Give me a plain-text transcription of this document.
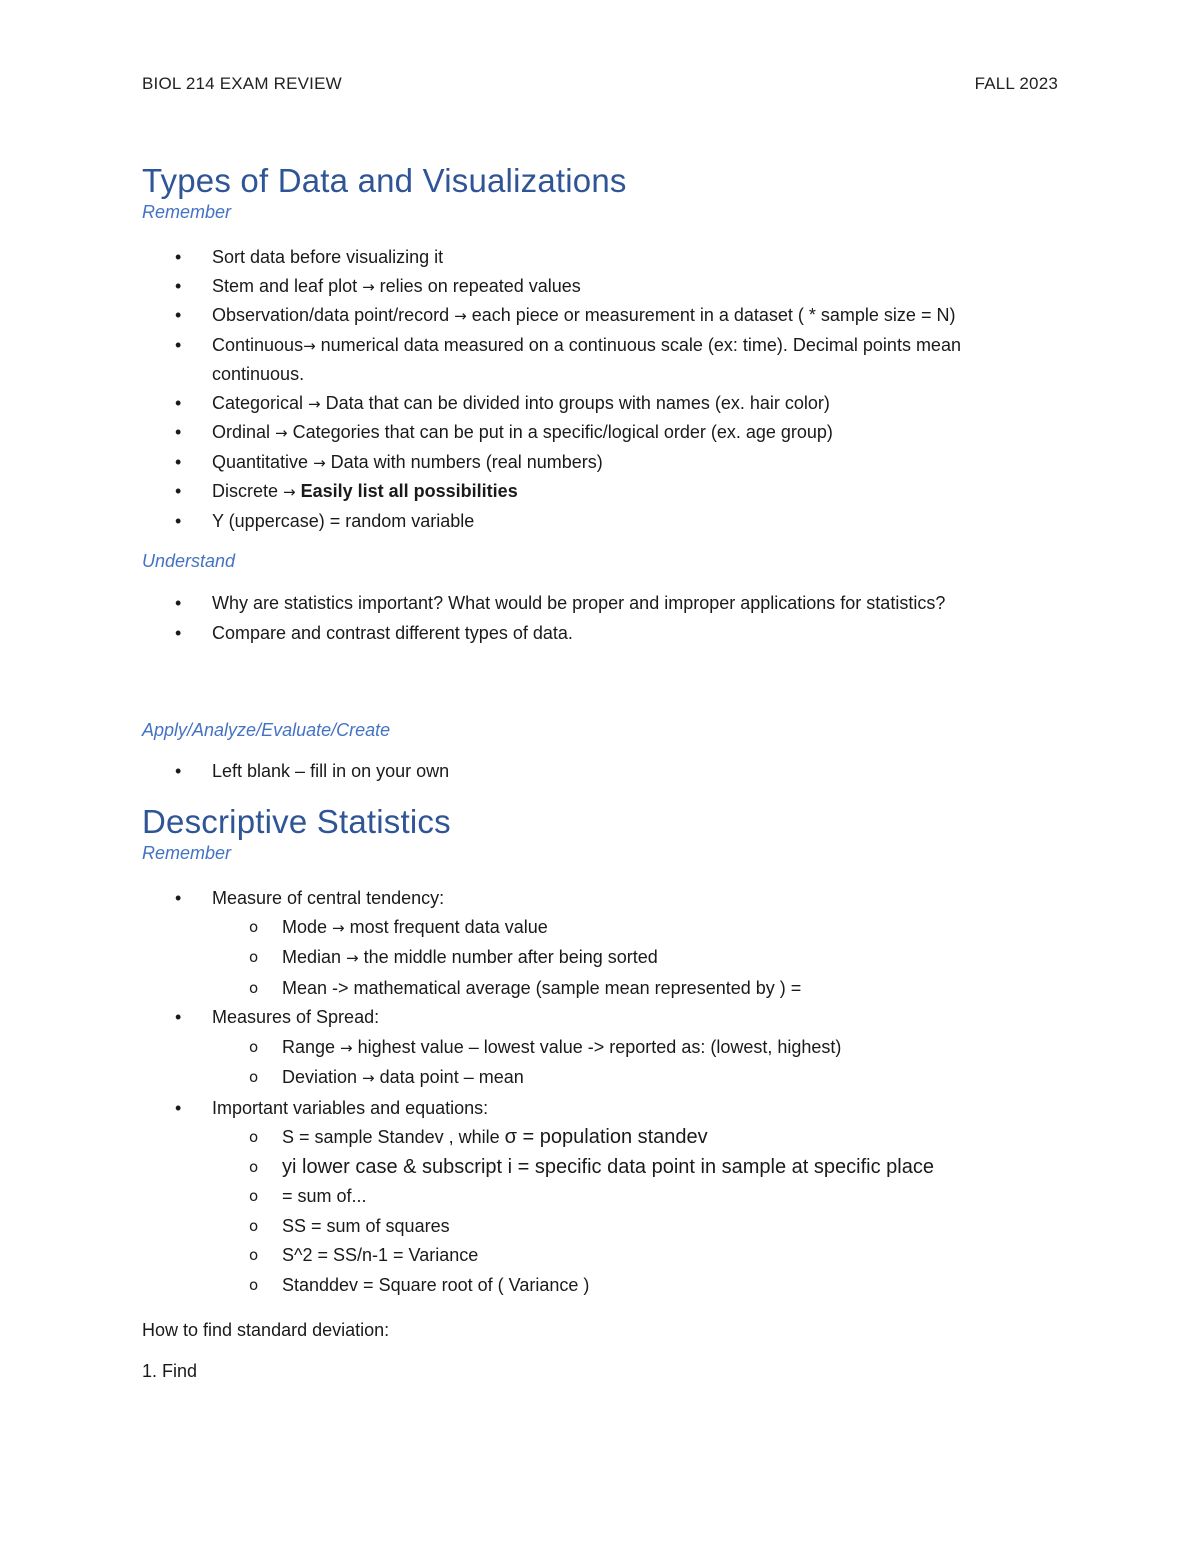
BIOL 214 EXAM REVIEW	FALL 2023
Types of Data and Visualizations
Remember
• Sort data before visualizing it
• Stem and leaf plot → relies on repeated values
• Observation/data point/record → each piece or measurement in a dataset ( * sample size = N)
• Continuous→ numerical data measured on a continuous scale (ex: time). Decimal points mean continuous.
• Categorical → Data that can be divided into groups with names (ex. hair color)
• Ordinal → Categories that can be put in a specific/logical order (ex. age group)
• Quantitative → Data with numbers (real numbers)
• Discrete → Easily list all possibilities
• Y (uppercase) = random variable
Understand
• Why are statistics important? What would be proper and improper applications for statistics?
• Compare and contrast different types of data.
Apply/Analyze/Evaluate/Create
• Left blank – fill in on your own
Descriptive Statistics
Remember
• Measure of central tendency:
o Mode → most frequent data value
o Median → the middle number after being sorted
o Mean -> mathematical average (sample mean represented by ) =
• Measures of Spread:
o Range → highest value – lowest value -> reported as: (lowest, highest)
o Deviation → data point – mean
• Important variables and equations:
o S = sample Standev , while σ = population standev
o yi lower case & subscript i = specific data point in sample at specific place
o = sum of...
o SS = sum of squares
o S^2 = SS/n-1 = Variance
o Standdev = Square root of ( Variance )

How to find standard deviation:

1. Find
